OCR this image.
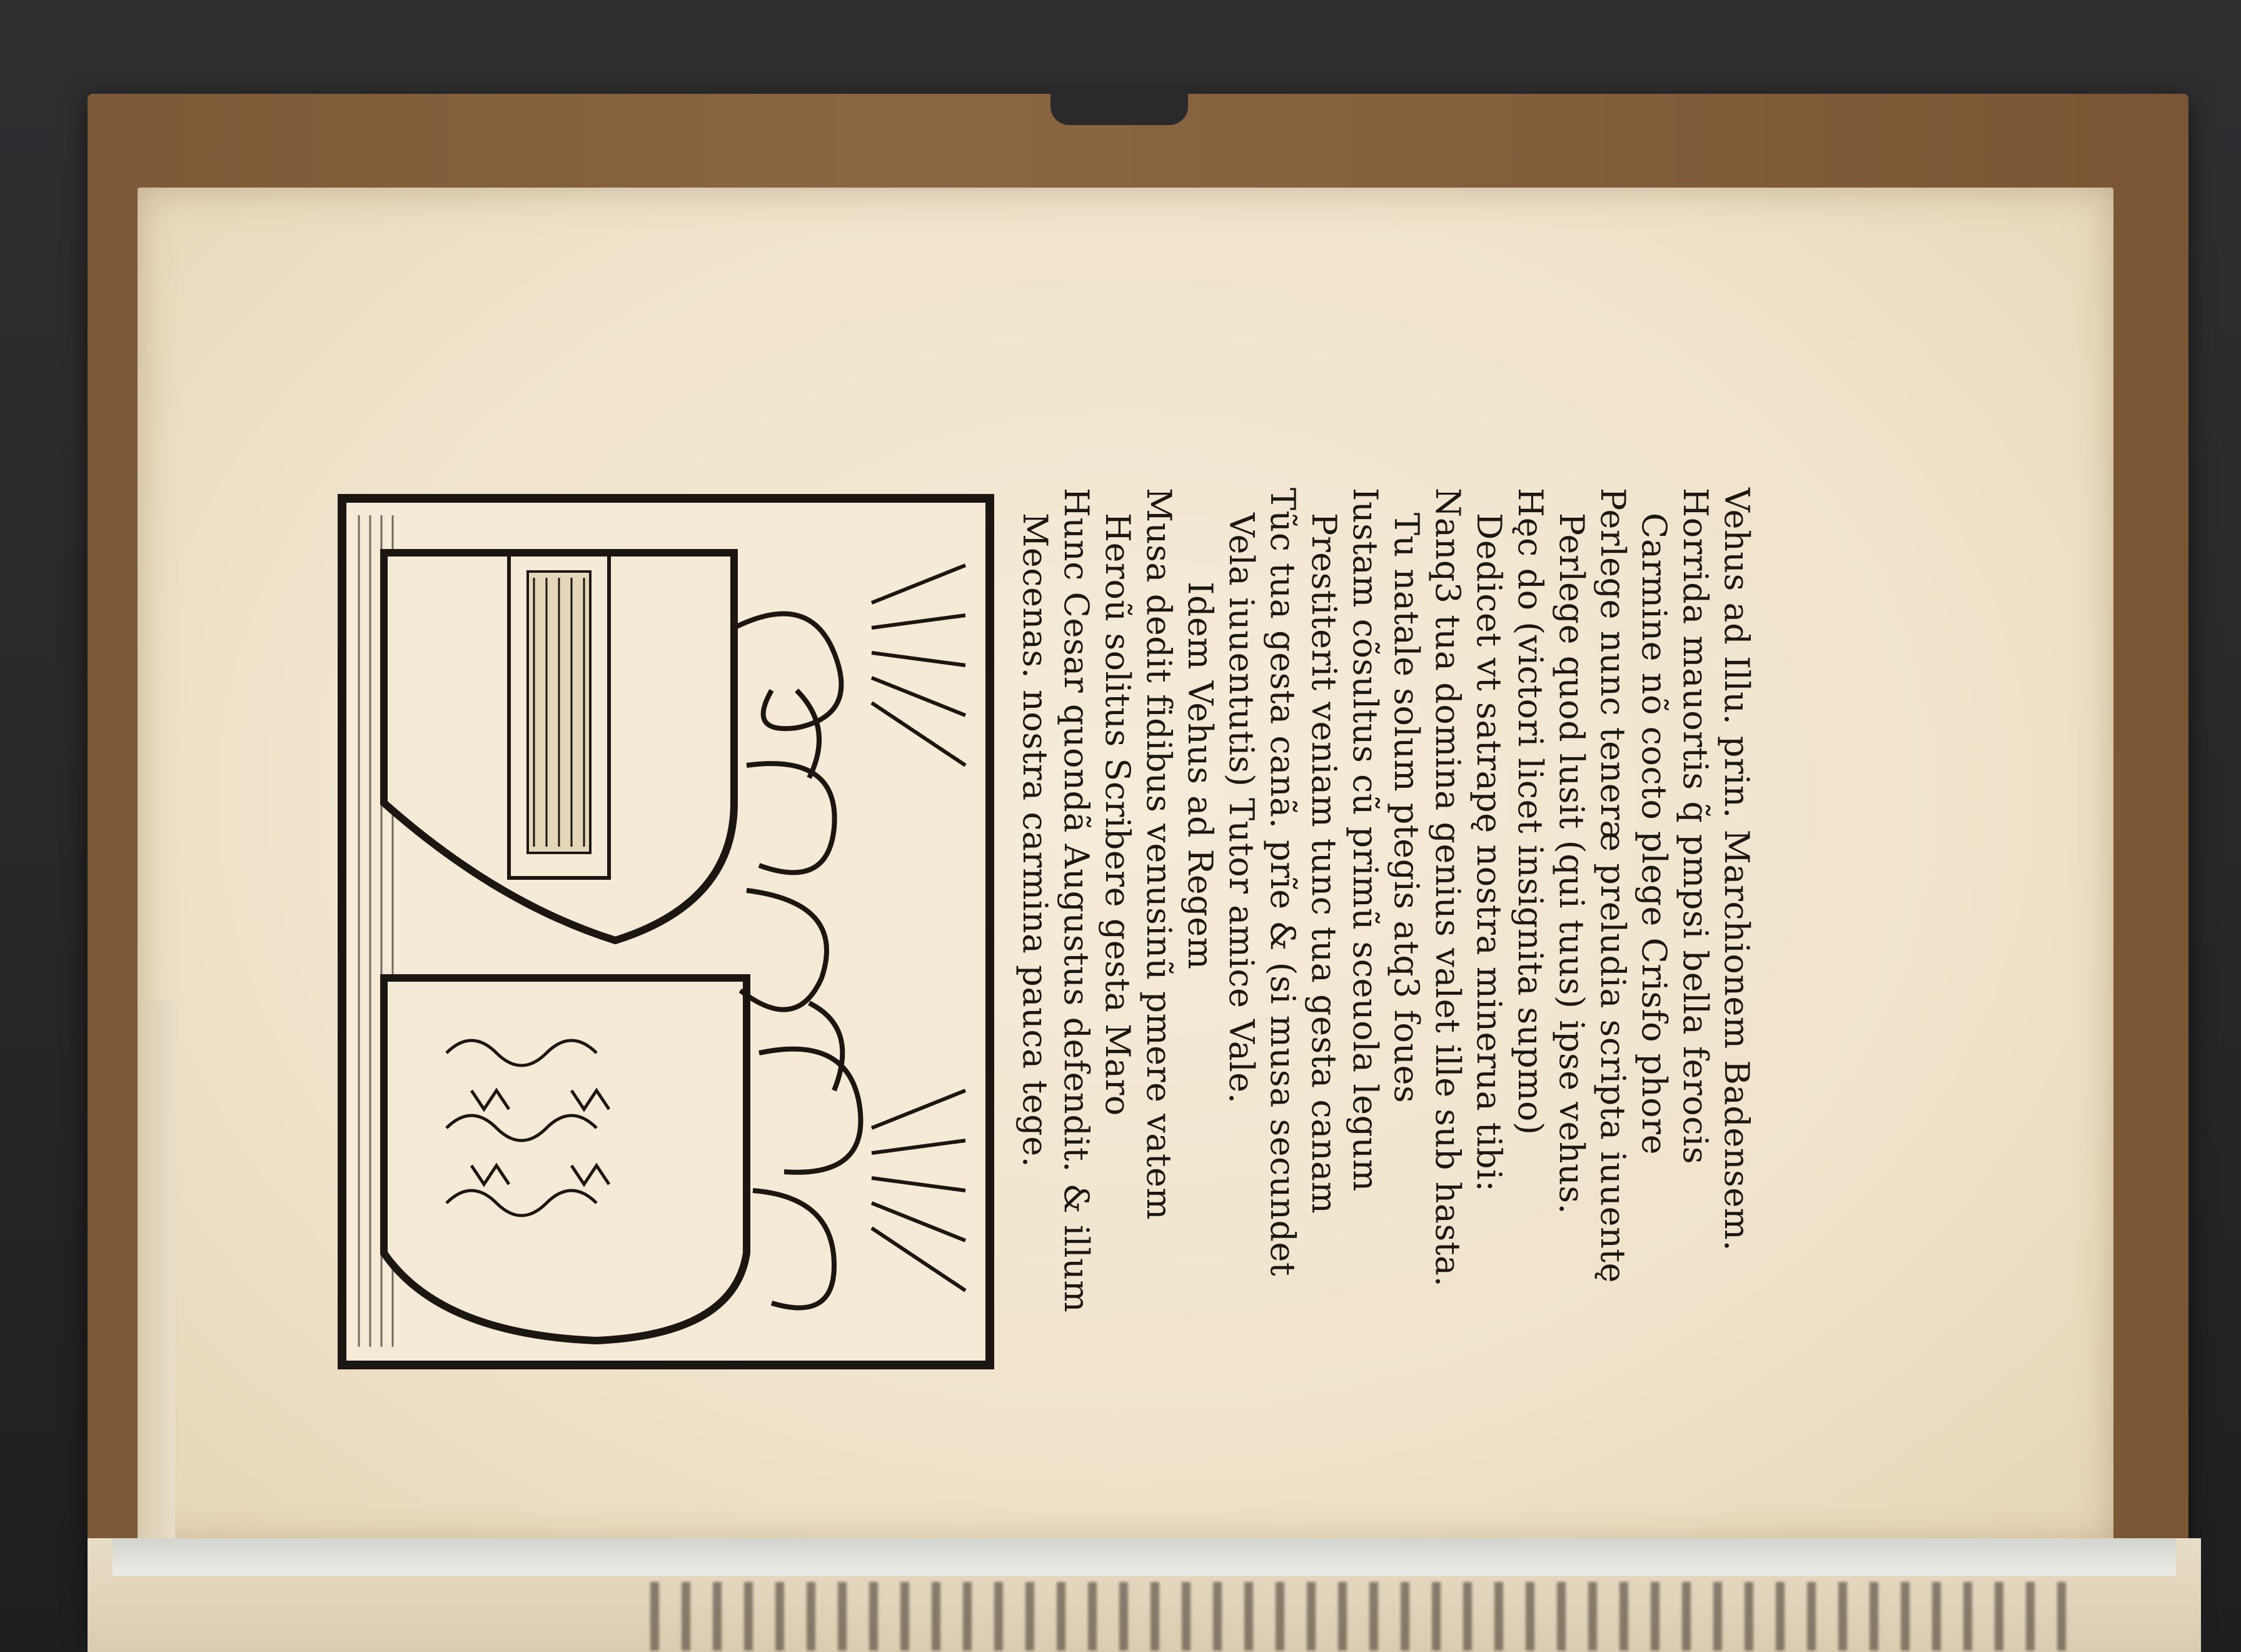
Vehus ad Illu. prin. Marchionem Badensem.
Horrida mauortis q̃ pmpsi bella ferocis
Carmine nõ cocto plege Crisfo phore
Perlege nunc teneræ preludia scripta iuuentę
Perlege quod lusit (qui tuus) ipse vehus.
Hęc do (victori licet insignita supmo)
Dedicet vt satrapę nostra minerua tibi:
Nanq3 tua domina genius valet ille sub hasta.
Tu natale solum ptegis atq3 foues
Iustam cõsultus cũ primũ sceuola legum
Prestiterit veniam tunc tua gesta canam
Tũc tua gesta canã. prĩe & (si musa secundet
Vela iuuentutis) Tutor amice Vale.
Idem Vehus ad Regem
Musa dedit fidibus venusinũ pmere vatem
Heroũ solitus Scribere gesta Maro
Hunc Cesar quondã Augustus defendit. & illum
Mecenas. nostra carmina pauca tege.
